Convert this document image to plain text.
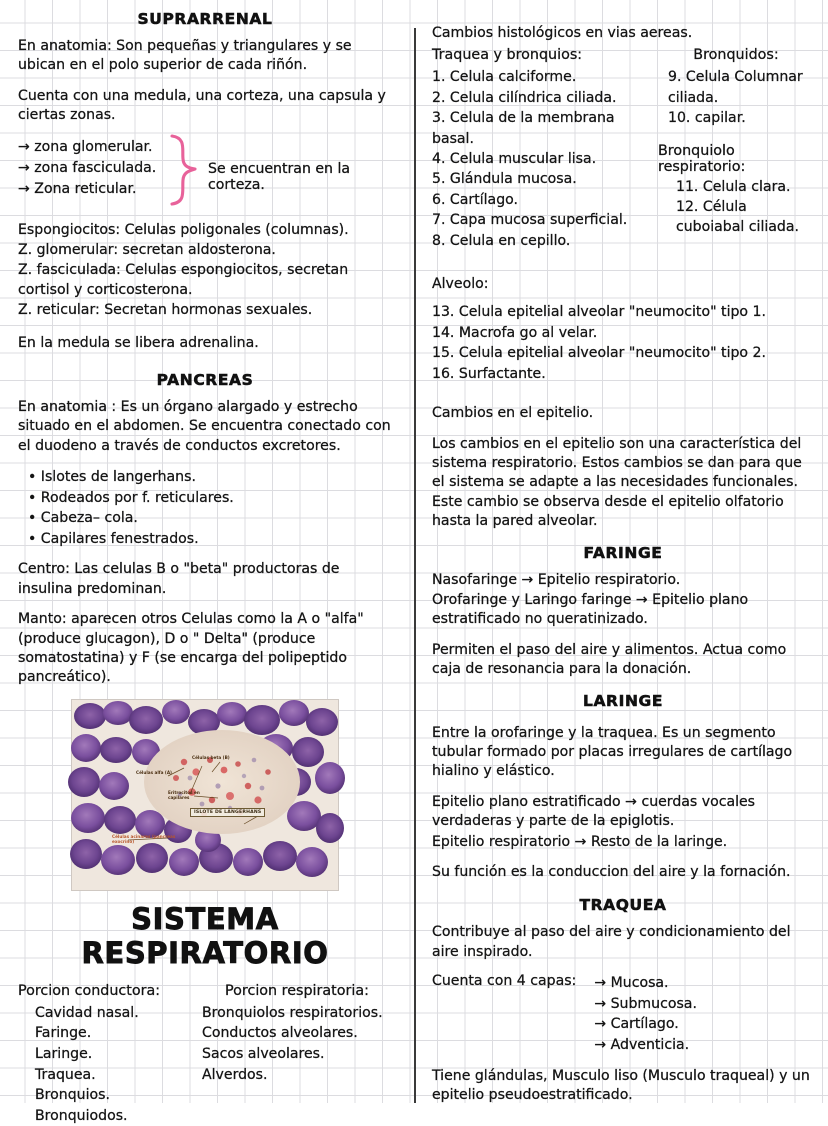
SUPRARRENAL

En anatomia: Son pequeñas y triangulares y se ubican en el polo superior de cada riñón.

Cuenta con una medula, una corteza, una capsula y ciertas zonas.

→ zona glomerular.
→ zona fasciculada.
→ Zona reticular.
Se encuentran en la corteza.

Espongiocitos: Celulas poligonales (columnas).

Z. glomerular: secretan aldosterona.

Z. fasciculada: Celulas espongiocitos, secretan cortisol y corticosterona.

Z. reticular: Secretan hormonas sexuales.

En la medula se libera adrenalina.

PANCREAS

En anatomia : Es un órgano alargado y estrecho situado en el abdomen. Se encuentra conectado con el duodeno a través de conductos excretores.

• Islotes de langerhans.
• Rodeados por f. reticulares.
• Cabeza– cola.
• Capilares fenestrados.

Centro: Las celulas B o "beta" productoras de insulina predominan.

Manto: aparecen otros Celulas como la A o "alfa" (produce glucagon), D o " Delta" (produce somatostatina) y F (se encarga del polipeptido pancreático).

Células alfa (A)
Células beta (B)
Eritrocitos en capilares
Células acinares (pancreas exocrino)
ISLOTE DE LANGERHANS
SISTEMA RESPIRATORIO
Porcion conductora:
Cavidad nasal.
Faringe.
Laringe.
Traquea.
Bronquios.
Bronquiodos.
Porcion respiratoria:
Bronquiolos respiratorios.
Conductos alveolares.
Sacos alveolares.
Alverdos.

Cambios histológicos en vias aereas.

Traquea y bronquios:
1. Celula calciforme.
2. Celula cilíndrica ciliada.
3. Celula de la membrana basal.
4. Celula muscular lisa.
5. Glándula mucosa.
6. Cartílago.
7. Capa mucosa superficial.
8. Celula en cepillo.
Bronquidos:
9. Celula Columnar ciliada.
10. capilar.
Bronquiolo respiratorio:
11. Celula clara.
12. Célula cuboiabal ciliada.

Alveolo:

13. Celula epitelial alveolar "neumocito" tipo 1.
14. Macrofa go al velar.
15. Celula epitelial alveolar "neumocito" tipo 2.
16. Surfactante.

Cambios en el epitelio.

Los cambios en el epitelio son una característica del sistema respiratorio. Estos cambios se dan para que el sistema se adapte a las necesidades funcionales. Este cambio se observa desde el epitelio olfatorio hasta la pared alveolar.

FARINGE

Nasofaringe → Epitelio respiratorio.

Orofaringe y Laringo faringe → Epitelio plano estratificado no queratinizado.

Permiten el paso del aire y alimentos. Actua como caja de resonancia para la donación.

LARINGE

Entre la orofaringe y la traquea. Es un segmento tubular formado por placas irregulares de cartílago hialino y elástico.

Epitelio plano estratificado → cuerdas vocales verdaderas y parte de la epiglotis.

Epitelio respiratorio → Resto de la laringe.

Su función es la conduccion del aire y la fornación.

TRAQUEA

Contribuye al paso del aire y condicionamiento del aire inspirado.

Cuenta con 4 capas: → Mucosa.
→ Submucosa.
→ Cartílago.
→ Adventicia.

Tiene glándulas, Musculo liso (Musculo traqueal) y un epitelio pseudoestratificado.
